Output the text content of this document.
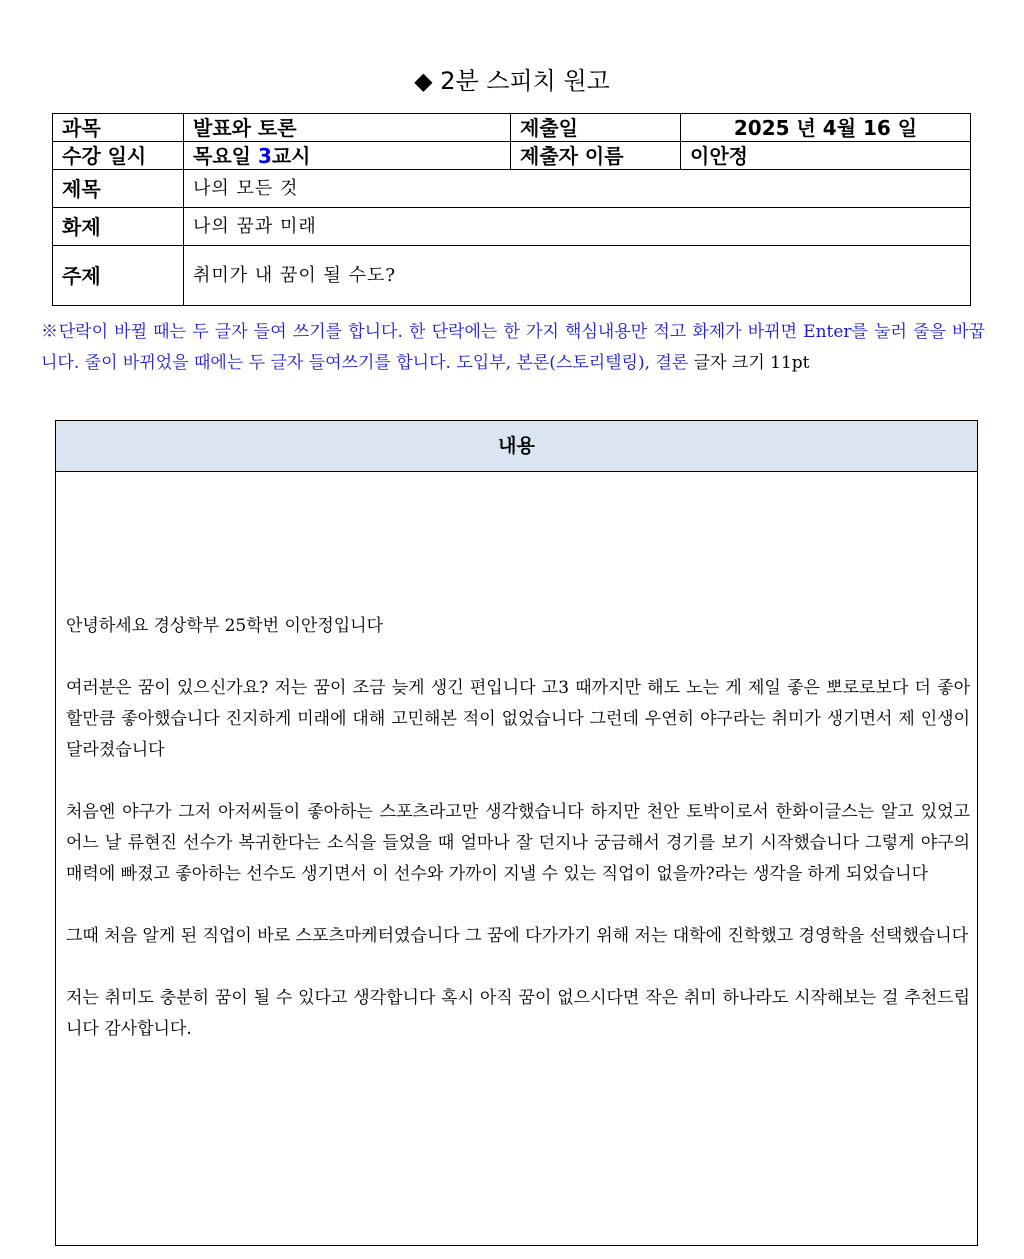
◆ 2분 스피치 원고
과목	발표와 토론	제출일	2025 년 4월 16 일
수강 일시	목요일 3교시	제출자 이름	이안정
제목	나의 모든 것		
화제	나의 꿈과 미래		
주제	취미가 내 꿈이 될 수도?		
※단락이 바뀔 때는 두 글자 들여 쓰기를 합니다. 한 단락에는 한 가지 핵심내용만 적고 화제가 바뀌면 Enter를 눌러 줄을 바꿉니다. 줄이 바뀌었을 때에는 두 글자 들여쓰기를 합니다. 도입부, 본론(스토리텔링), 결론 글자 크기 11pt
내용

안녕하세요 경상학부 25학번 이안정입니다

여러분은 꿈이 있으신가요? 저는 꿈이 조금 늦게 생긴 편입니다 고3 때까지만 해도 노는 게 제일 좋은 뽀로로보다 더 좋아할만큼 좋아했습니다 진지하게 미래에 대해 고민해본 적이 없었습니다 그런데 우연히 야구라는 취미가 생기면서 제 인생이 달라졌습니다

처음엔 야구가 그저 아저씨들이 좋아하는 스포츠라고만 생각했습니다 하지만 천안 토박이로서 한화이글스는 알고 있었고 어느 날 류현진 선수가 복귀한다는 소식을 들었을 때 얼마나 잘 던지나 궁금해서 경기를 보기 시작했습니다 그렇게 야구의 매력에 빠졌고 좋아하는 선수도 생기면서 이 선수와 가까이 지낼 수 있는 직업이 없을까?라는 생각을 하게 되었습니다

그때 처음 알게 된 직업이 바로 스포츠마케터였습니다 그 꿈에 다가가기 위해 저는 대학에 진학했고 경영학을 선택했습니다

저는 취미도 충분히 꿈이 될 수 있다고 생각합니다 혹시 아직 꿈이 없으시다면 작은 취미 하나라도 시작해보는 걸 추천드립니다 감사합니다.
